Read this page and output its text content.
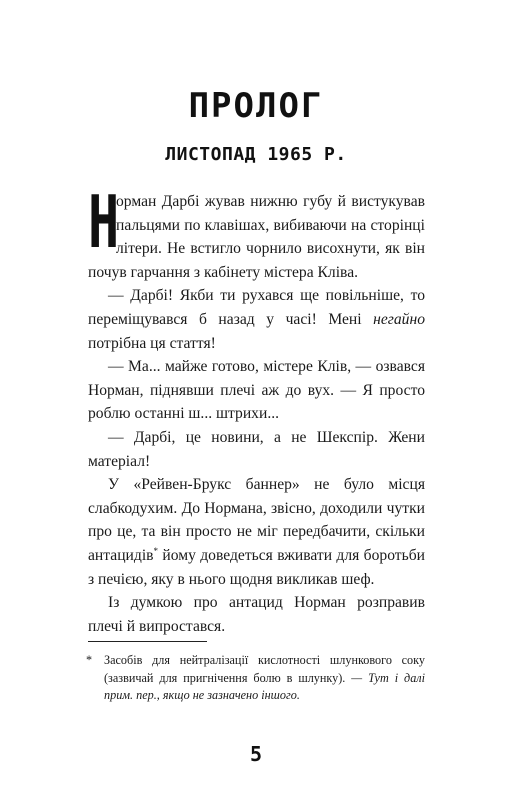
ПРОЛОГ
ЛИСТОПАД 1965 Р.

Н
орман Дарбі жував нижню губу й вистукував пальцями по клавішах, вибиваючи на сторінці літери. Не встигло чорнило висохнути, як він почув гарчання з кабінету містера Кліва.

— Дарбі! Якби ти рухався ще повільніше, то переміщувався б назад у часі! Мені негайно потрібна ця стаття!

— Ма... майже готово, містере Клів, — озвався Норман, піднявши плечі аж до вух. — Я просто роблю останні ш... штрихи...

— Дарбі, це новини, а не Шекспір. Жени матеріал!

У «Рейвен-Брукс баннер» не було місця слабкодухим. До Нормана, звісно, доходили чутки про це, та він просто не міг передбачити, скільки антацидів* йому доведеться вживати для боротьби з печією, яку в нього щодня викликав шеф.

Із думкою про антацид Норман розправив плечі й випростався.

* Засобів для нейтралізації кислотності шлункового соку (зазвичай для пригнічення болю в шлунку). — Тут і далі прим. пер., якщо не зазначено іншого.
5
